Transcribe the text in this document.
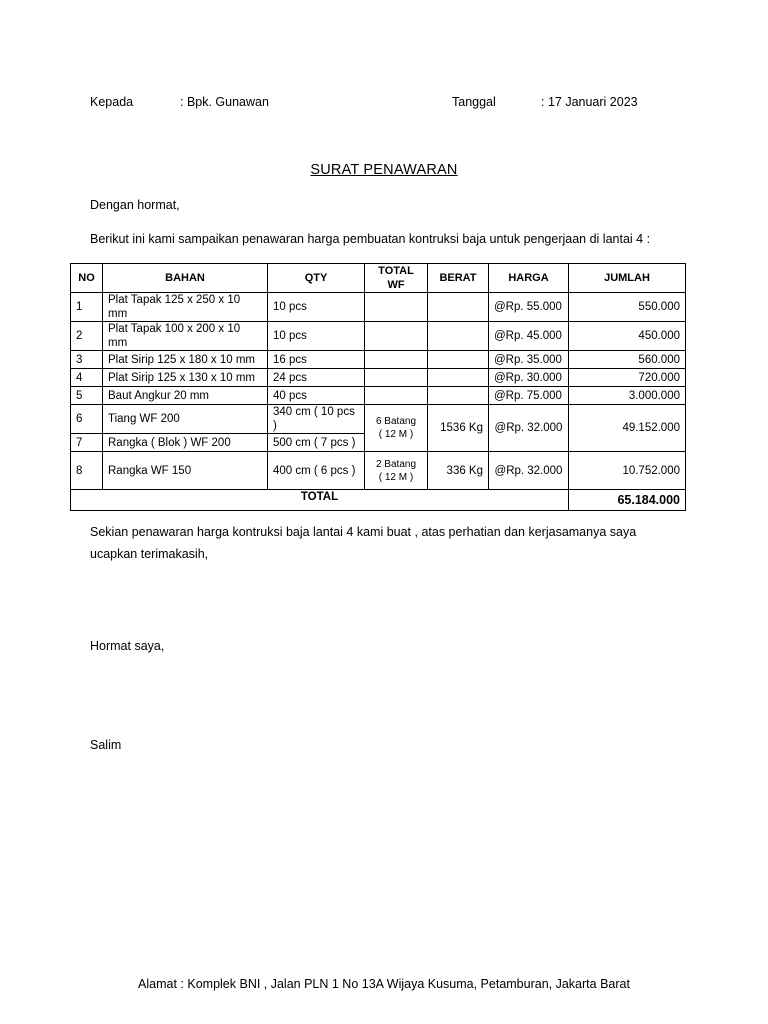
Kepada	: Bpk. Gunawan	Tanggal	: 17 Januari 2023
SURAT PENAWARAN
Dengan hormat,
Berikut ini kami sampaikan penawaran harga pembuatan kontruksi baja untuk pengerjaan di lantai 4 :
NO	BAHAN	QTY	TOTAL WF	BERAT	HARGA	JUMLAH
1	Plat Tapak 125 x 250 x 10 mm	10 pcs			@Rp. 55.000	550.000
2	Plat Tapak 100 x 200 x 10 mm	10 pcs			@Rp. 45.000	450.000
3	Plat Sirip 125 x 180 x 10 mm	16 pcs			@Rp. 35.000	560.000
4	Plat Sirip 125 x 130 x 10 mm	24 pcs			@Rp. 30.000	720.000
5	Baut Angkur 20 mm	40 pcs			@Rp. 75.000	3.000.000
6	Tiang WF 200	340 cm ( 10 pcs )	6 Batang
( 12 M )	1536 Kg	@Rp. 32.000	49.152.000
7	Rangka ( Blok ) WF 200	500 cm ( 7 pcs )				
8	Rangka WF 150	400 cm ( 6 pcs )	2 Batang
( 12 M )	336 Kg	@Rp. 32.000	10.752.000
TOTAL						65.184.000
Sekian penawaran harga kontruksi baja lantai 4 kami buat , atas perhatian dan kerjasamanya saya
ucapkan terimakasih,
Hormat saya,
Salim
Alamat : Komplek BNI , Jalan PLN 1 No 13A Wijaya Kusuma, Petamburan, Jakarta Barat
